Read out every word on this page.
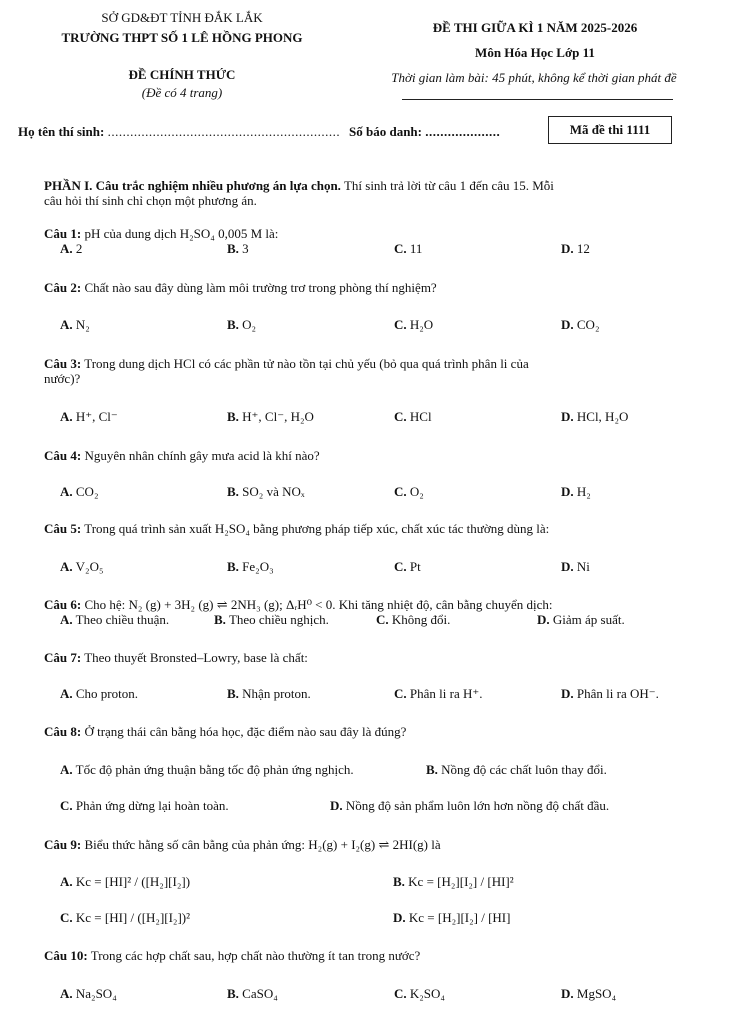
SỞ GD&ĐT TỈNH ĐẮK LẮK
TRƯỜNG THPT SỐ 1 LÊ HỒNG PHONG
ĐỀ CHÍNH THỨC
(Đề có 4 trang)
ĐỀ THI GIỮA KÌ 1 NĂM 2025-2026
Môn Hóa Học Lớp 11
Thời gian làm bài: 45 phút, không kể thời gian phát đề
Họ tên thí sinh: .............................................................. Số báo danh: ....................	Mã đề thi 1111
PHẦN I. Câu trắc nghiệm nhiều phương án lựa chọn. Thí sinh trả lời từ câu 1 đến câu 15. Mỗi
câu hỏi thí sinh chỉ chọn một phương án.
Câu 1: pH của dung dịch H₂SO₄ 0,005 M là:
A. 2	B. 3	C. 11	D. 12
Câu 2: Chất nào sau đây dùng làm môi trường trơ trong phòng thí nghiệm?
A. N₂	B. O₂	C. H₂O	D. CO₂
Câu 3: Trong dung dịch HCl có các phần tử nào tồn tại chủ yếu (bỏ qua quá trình phân li của
nước)?
A. H⁺, Cl⁻	B. H⁺, Cl⁻, H₂O	C. HCl	D. HCl, H₂O
Câu 4: Nguyên nhân chính gây mưa acid là khí nào?
A. CO₂	B. SO₂ và NOₓ	C. O₂	D. H₂
Câu 5: Trong quá trình sản xuất H₂SO₄ bằng phương pháp tiếp xúc, chất xúc tác thường dùng là:
A. V₂O₅	B. Fe₂O₃	C. Pt	D. Ni
Câu 6: Cho hệ: N₂ (g) + 3H₂ (g) ⇌ 2NH₃ (g); ΔᵣH⁰ < 0. Khi tăng nhiệt độ, cân bằng chuyển dịch:
A. Theo chiều thuận.	B. Theo chiều nghịch.	C. Không đổi.	D. Giảm áp suất.
Câu 7: Theo thuyết Bronsted–Lowry, base là chất:
A. Cho proton.	B. Nhận proton.	C. Phân li ra H⁺.	D. Phân li ra OH⁻.
Câu 8: Ở trạng thái cân bằng hóa học, đặc điểm nào sau đây là đúng?
A. Tốc độ phản ứng thuận bằng tốc độ phản ứng nghịch.	B. Nồng độ các chất luôn thay đổi.
C. Phản ứng dừng lại hoàn toàn.	D. Nồng độ sản phẩm luôn lớn hơn nồng độ chất đầu.
Câu 9: Biểu thức hằng số cân bằng của phản ứng: H₂(g) + I₂(g) ⇌ 2HI(g) là
A. Kc = [HI]² / ([H₂][I₂])	B. Kc = [H₂][I₂] / [HI]²
C. Kc = [HI] / ([H₂][I₂])²	D. Kc = [H₂][I₂] / [HI]
Câu 10: Trong các hợp chất sau, hợp chất nào thường ít tan trong nước?
A. Na₂SO₄	B. CaSO₄	C. K₂SO₄	D. MgSO₄
